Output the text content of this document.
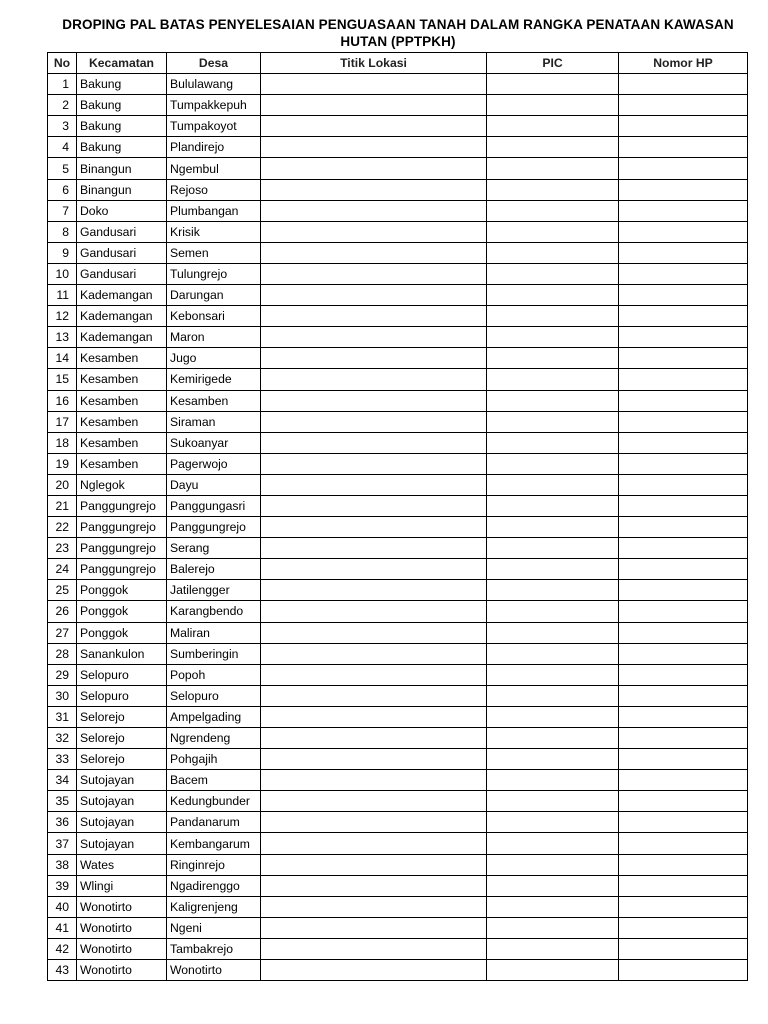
DROPING PAL BATAS PENYELESAIAN PENGUASAAN TANAH DALAM RANGKA PENATAAN KAWASAN
HUTAN (PPTPKH)
No	Kecamatan	Desa	Titik Lokasi	PIC	Nomor HP
1	Bakung	Bululawang			
2	Bakung	Tumpakkepuh			
3	Bakung	Tumpakoyot			
4	Bakung	Plandirejo			
5	Binangun	Ngembul			
6	Binangun	Rejoso			
7	Doko	Plumbangan			
8	Gandusari	Krisik			
9	Gandusari	Semen			
10	Gandusari	Tulungrejo			
11	Kademangan	Darungan			
12	Kademangan	Kebonsari			
13	Kademangan	Maron			
14	Kesamben	Jugo			
15	Kesamben	Kemirigede			
16	Kesamben	Kesamben			
17	Kesamben	Siraman			
18	Kesamben	Sukoanyar			
19	Kesamben	Pagerwojo			
20	Nglegok	Dayu			
21	Panggungrejo	Panggungasri			
22	Panggungrejo	Panggungrejo			
23	Panggungrejo	Serang			
24	Panggungrejo	Balerejo			
25	Ponggok	Jatilengger			
26	Ponggok	Karangbendo			
27	Ponggok	Maliran			
28	Sanankulon	Sumberingin			
29	Selopuro	Popoh			
30	Selopuro	Selopuro			
31	Selorejo	Ampelgading			
32	Selorejo	Ngrendeng			
33	Selorejo	Pohgajih			
34	Sutojayan	Bacem			
35	Sutojayan	Kedungbunder			
36	Sutojayan	Pandanarum			
37	Sutojayan	Kembangarum			
38	Wates	Ringinrejo			
39	Wlingi	Ngadirenggo			
40	Wonotirto	Kaligrenjeng			
41	Wonotirto	Ngeni			
42	Wonotirto	Tambakrejo			
43	Wonotirto	Wonotirto			
